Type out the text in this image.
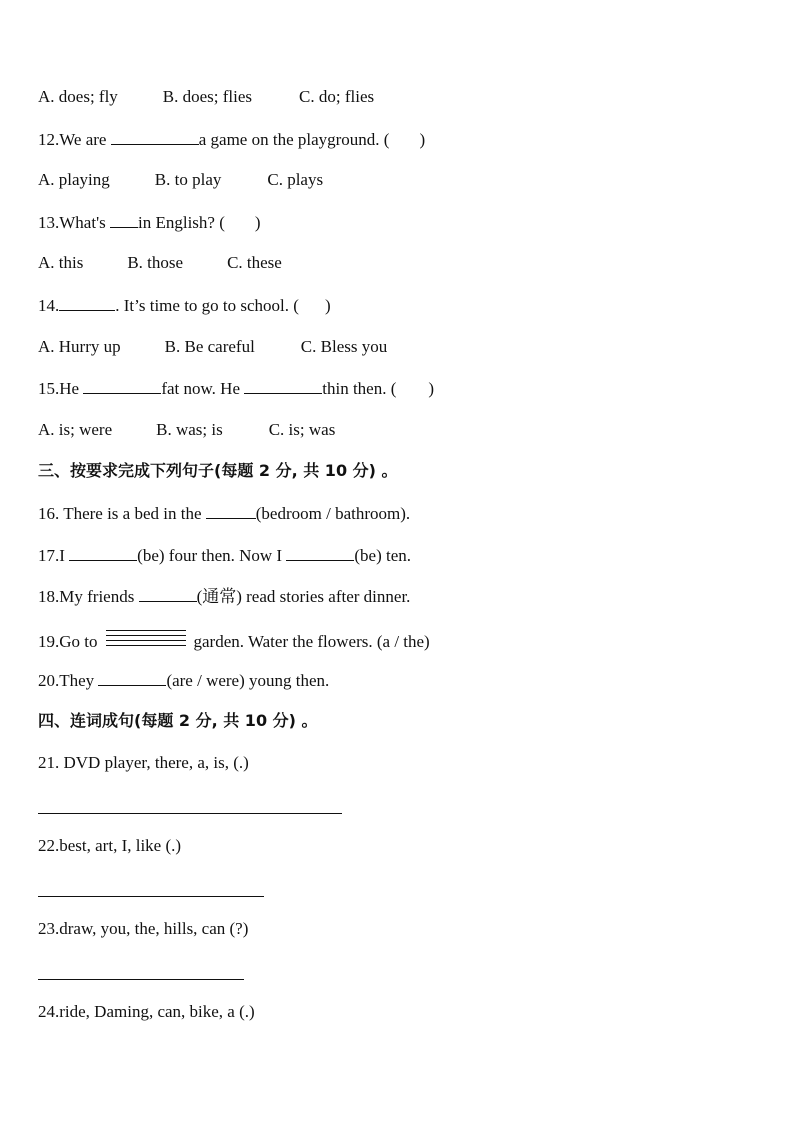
A. does; fly	B. does; flies	C. do; flies
12.We are	a game on the playground. ( )
A. playing	B. to play	C. plays
13.What's in English? ( )
A. this	B. those	C. these
14.	. It’s time to go to school. ( )
A. Hurry up	B. Be careful	C. Bless you
15.He	fat now. He	thin then. ( )
A. is; were	B. was; is	C. is; was
三、按要求完成下列句子(每题 2 分, 共 10 分) 。
16. There is a bed in the	(bedroom / bathroom).
17.I	(be) four then. Now I	(be) ten.
18.My friends	(通常) read stories after dinner.
19.Go to	garden. Water the flowers. (a / the)
20.They	(are / were) young then.
四、连词成句(每题 2 分, 共 10 分) 。
21. DVD player, there, a, is, (.)
22.best, art, I, like (.)
23.draw, you, the, hills, can (?)
24.ride, Daming, can, bike, a (.)
